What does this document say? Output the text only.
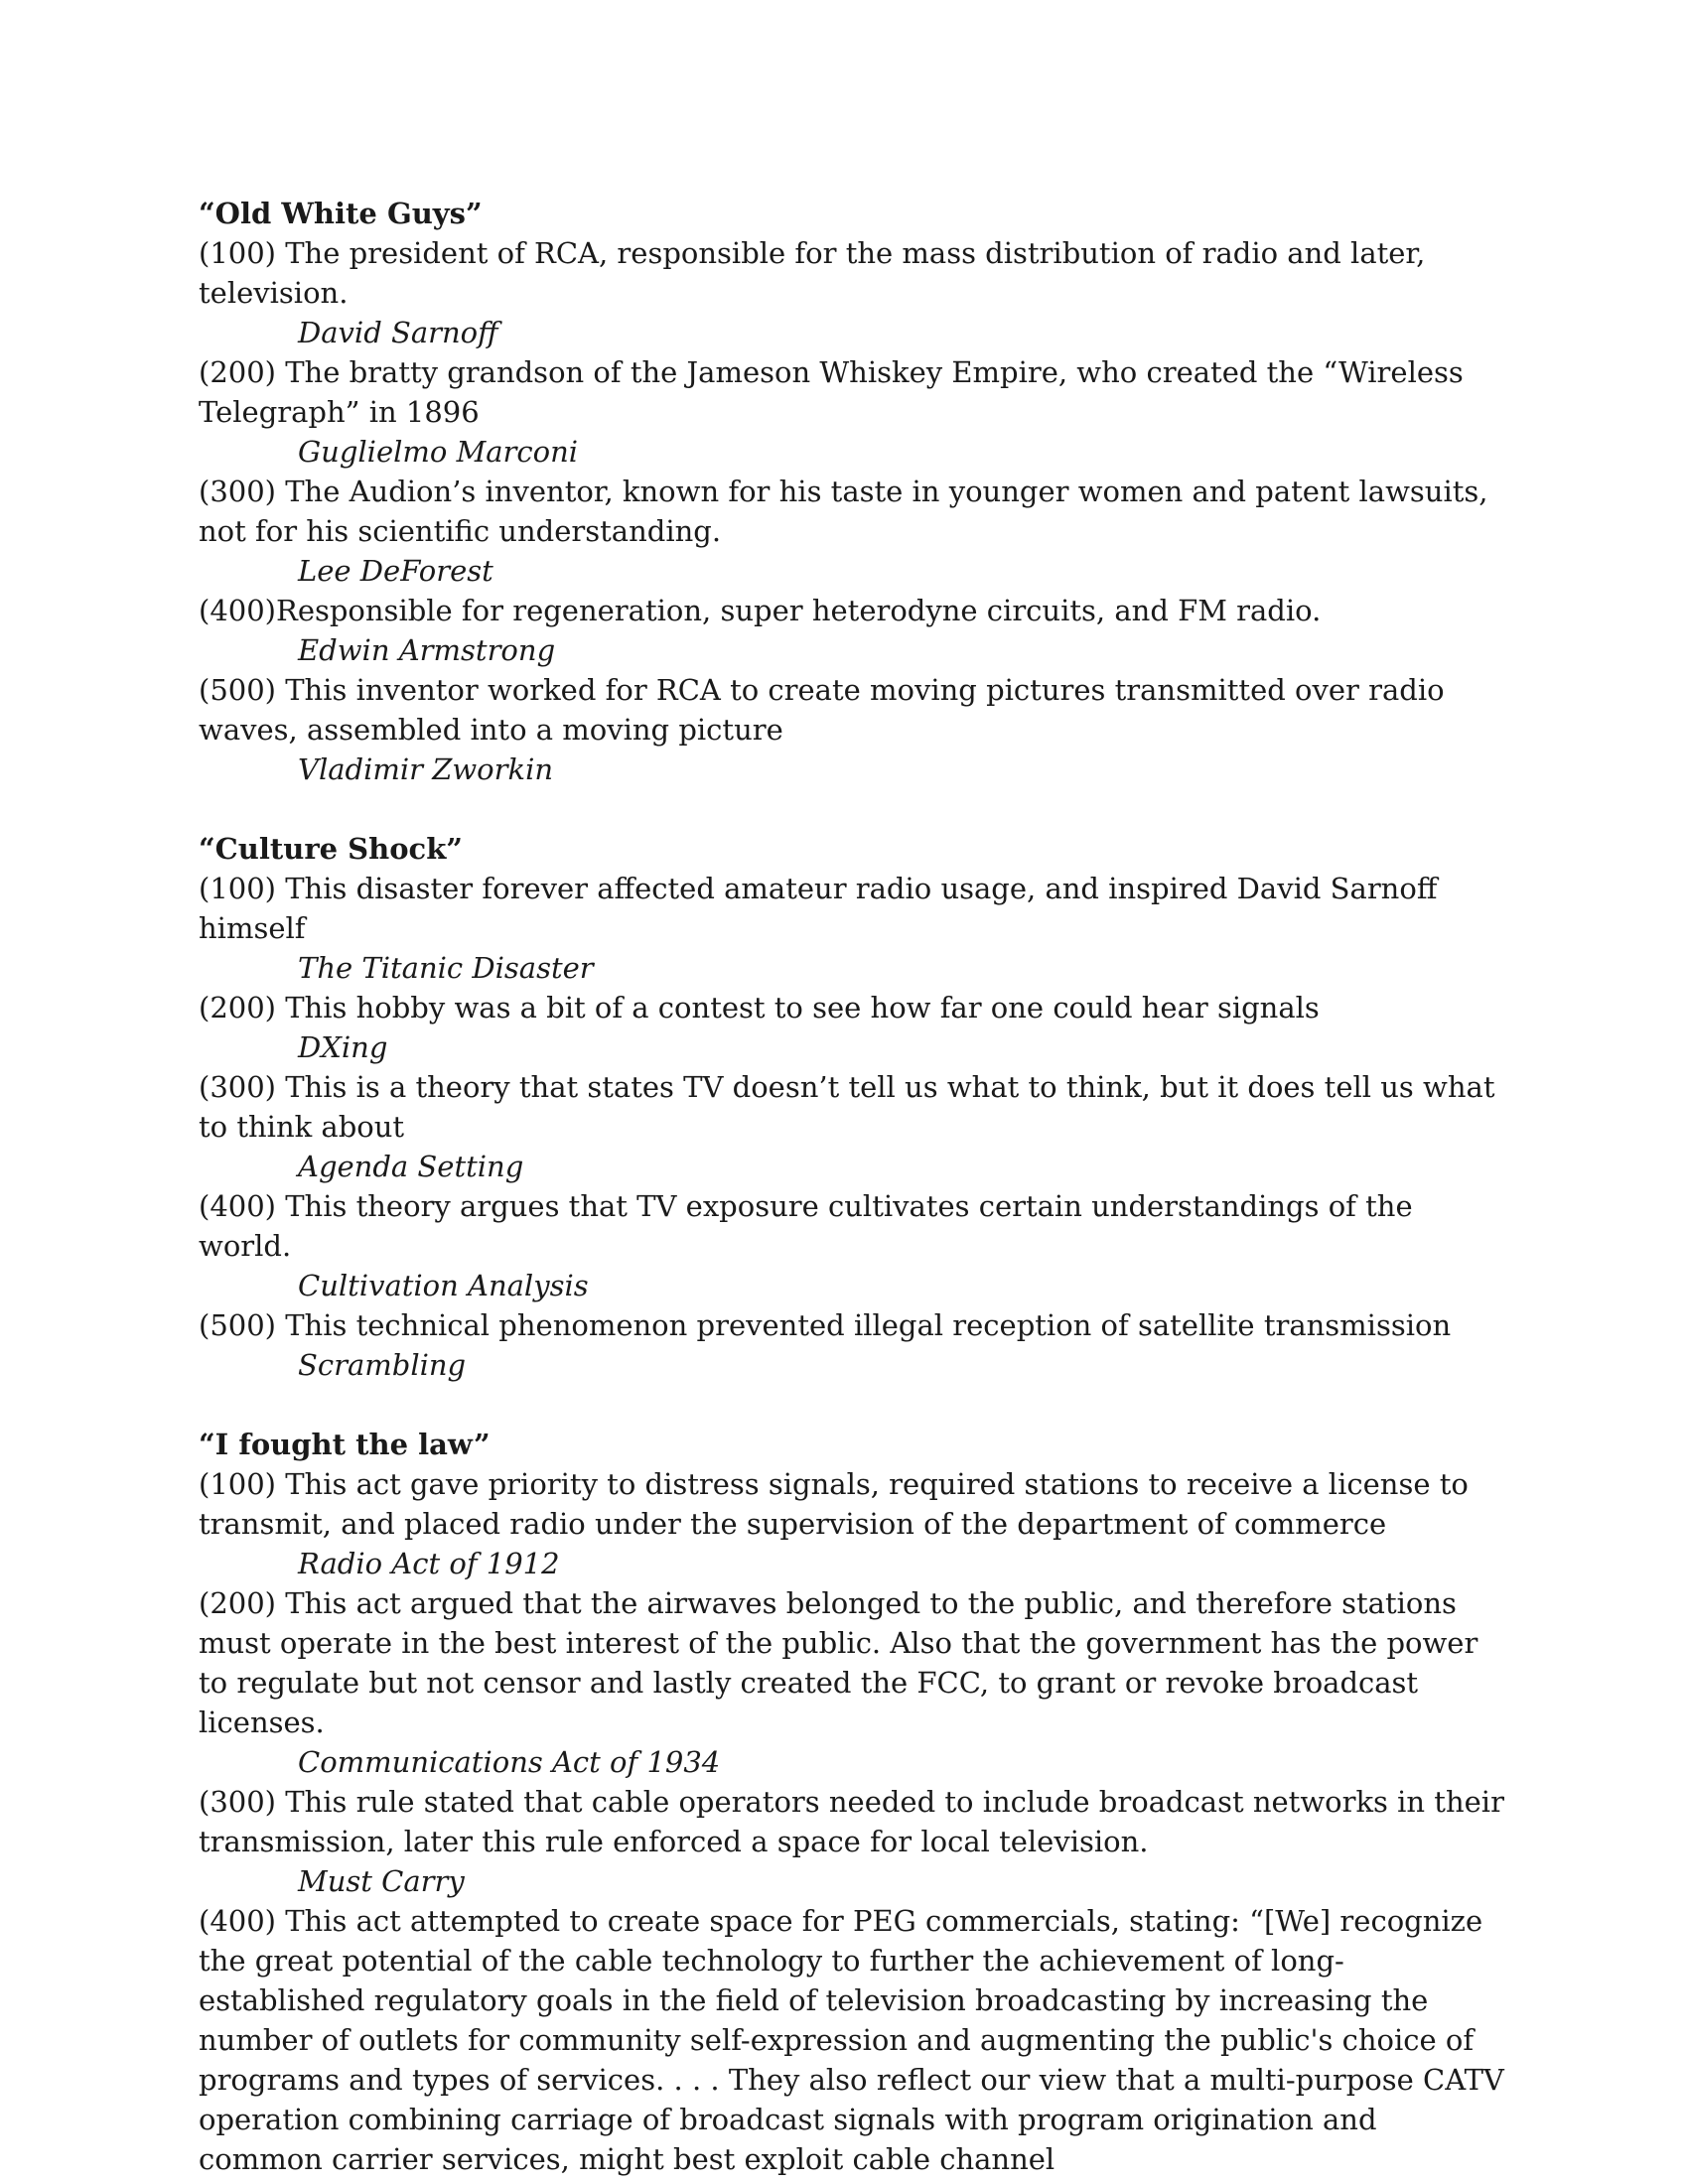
“Old White Guys”

(100) The president of RCA, responsible for the mass distribution of radio and later, television.

David Sarnoff

(200) The bratty grandson of the Jameson Whiskey Empire, who created the “Wireless Telegraph” in 1896

Guglielmo Marconi

(300) The Audion’s inventor, known for his taste in younger women and patent lawsuits, not for his scientific understanding.

Lee DeForest

(400)Responsible for regeneration, super heterodyne circuits, and FM radio.

Edwin Armstrong

(500) This inventor worked for RCA to create moving pictures transmitted over radio waves, assembled into a moving picture

Vladimir Zworkin

“Culture Shock”

(100) This disaster forever affected amateur radio usage, and inspired David Sarnoff himself

The Titanic Disaster

(200) This hobby was a bit of a contest to see how far one could hear signals

DXing

(300) This is a theory that states TV doesn’t tell us what to think, but it does tell us what to think about

Agenda Setting

(400) This theory argues that TV exposure cultivates certain understandings of the world.

Cultivation Analysis

(500) This technical phenomenon prevented illegal reception of satellite transmission

Scrambling

“I fought the law”

(100) This act gave priority to distress signals, required stations to receive a license to transmit, and placed radio under the supervision of the department of commerce

Radio Act of 1912

(200) This act argued that the airwaves belonged to the public, and therefore stations must operate in the best interest of the public. Also that the government has the power to regulate but not censor and lastly created the FCC, to grant or revoke broadcast licenses.

Communications Act of 1934

(300) This rule stated that cable operators needed to include broadcast networks in their transmission, later this rule enforced a space for local television.

Must Carry

(400) This act attempted to create space for PEG commercials, stating: “[We] recognize the great potential of the cable technology to further the achievement of long-established regulatory goals in the field of television broadcasting by increasing the number of outlets for community self-expression and augmenting the public's choice of programs and types of services. . . . They also reflect our view that a multi-purpose CATV operation combining carriage of broadcast signals with program origination and common carrier services, might best exploit cable channel
